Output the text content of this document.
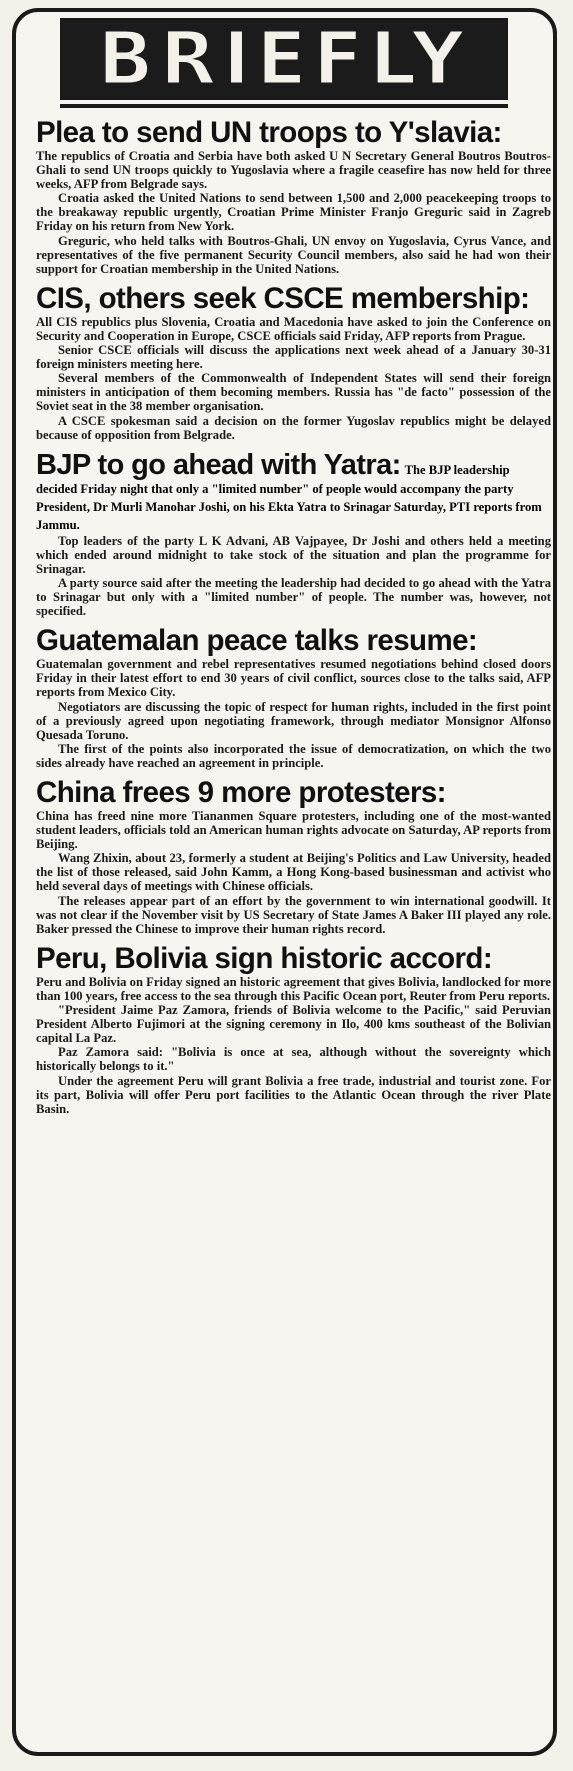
BRIEFLY
Plea to send UN troops to Y'slavia:

The republics of Croatia and Serbia have both asked U N Secretary General Boutros Boutros-Ghali to send UN troops quickly to Yugoslavia where a fragile ceasefire has now held for three weeks, AFP from Belgrade says.

Croatia asked the United Nations to send between 1,500 and 2,000 peacekeeping troops to the breakaway republic urgently, Croatian Prime Minister Franjo Greguric said in Zagreb Friday on his return from New York.

Greguric, who held talks with Boutros-Ghali, UN envoy on Yugoslavia, Cyrus Vance, and representatives of the five permanent Security Council members, also said he had won their support for Croatian membership in the United Nations.

CIS, others seek CSCE membership:

All CIS republics plus Slovenia, Croatia and Macedonia have asked to join the Conference on Security and Cooperation in Europe, CSCE officials said Friday, AFP reports from Prague.

Senior CSCE officials will discuss the applications next week ahead of a January 30-31 foreign ministers meeting here.

Several members of the Commonwealth of Independent States will send their foreign ministers in anticipation of them becoming members. Russia has "de facto" possession of the Soviet seat in the 38 member organisation.

A CSCE spokesman said a decision on the former Yugoslav republics might be delayed because of opposition from Belgrade.

BJP to go ahead with Yatra: The BJP leadership decided Friday night that only a "limited number" of people would accompany the party President, Dr Murli Manohar Joshi, on his Ekta Yatra to Srinagar Saturday, PTI reports from Jammu.

Top leaders of the party L K Advani, AB Vajpayee, Dr Joshi and others held a meeting which ended around midnight to take stock of the situation and plan the programme for Srinagar.

A party source said after the meeting the leadership had decided to go ahead with the Yatra to Srinagar but only with a "limited number" of people. The number was, however, not specified.

Guatemalan peace talks resume:

Guatemalan government and rebel representatives resumed negotiations behind closed doors Friday in their latest effort to end 30 years of civil conflict, sources close to the talks said, AFP reports from Mexico City.

Negotiators are discussing the topic of respect for human rights, included in the first point of a previously agreed upon negotiating framework, through mediator Monsignor Alfonso Quesada Toruno.

The first of the points also incorporated the issue of democratization, on which the two sides already have reached an agreement in principle.

China frees 9 more protesters:

China has freed nine more Tiananmen Square protesters, including one of the most-wanted student leaders, officials told an American human rights advocate on Saturday, AP reports from Beijing.

Wang Zhixin, about 23, formerly a student at Beijing's Politics and Law University, headed the list of those released, said John Kamm, a Hong Kong-based businessman and activist who held several days of meetings with Chinese officials.

The releases appear part of an effort by the government to win international goodwill. It was not clear if the November visit by US Secretary of State James A Baker III played any role. Baker pressed the Chinese to improve their human rights record.

Peru, Bolivia sign historic accord:

Peru and Bolivia on Friday signed an historic agreement that gives Bolivia, landlocked for more than 100 years, free access to the sea through this Pacific Ocean port, Reuter from Peru reports.

"President Jaime Paz Zamora, friends of Bolivia welcome to the Pacific," said Peruvian President Alberto Fujimori at the signing ceremony in Ilo, 400 kms southeast of the Bolivian capital La Paz.

Paz Zamora said: "Bolivia is once at sea, although without the sovereignty which historically belongs to it."

Under the agreement Peru will grant Bolivia a free trade, industrial and tourist zone. For its part, Bolivia will offer Peru port facilities to the Atlantic Ocean through the river Plate Basin.
